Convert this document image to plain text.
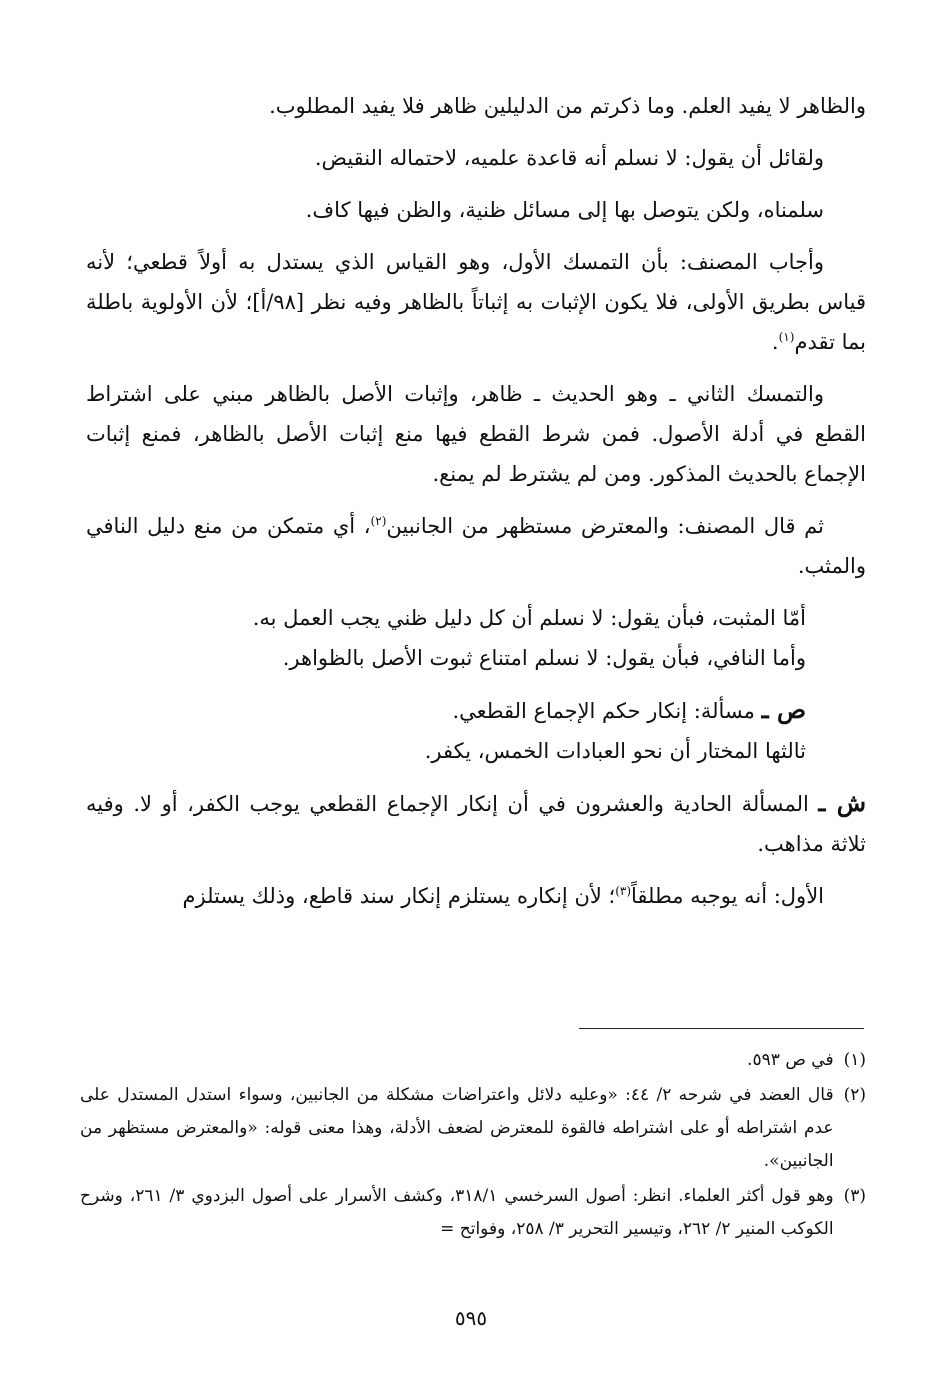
والظاهر لا يفيد العلم. وما ذكرتم من الدليلين ظاهر فلا يفيد المطلوب.

ولقائل أن يقول: لا نسلم أنه قاعدة علميه، لاحتماله النقيض.

سلمناه، ولكن يتوصل بها إلى مسائل ظنية، والظن فيها كاف.

وأجاب المصنف: بأن التمسك الأول، وهو القياس الذي يستدل به أولاً قطعي؛ لأنه قياس بطريق الأولى، فلا يكون الإثبات به إثباتاً بالظاهر وفيه نظر [٩٨/أ]؛ لأن الأولوية باطلة بما تقدم$^{(١)}$.

والتمسك الثاني ـ وهو الحديث ـ ظاهر، وإثبات الأصل بالظاهر مبني على اشتراط القطع في أدلة الأصول. فمن شرط القطع فيها منع إثبات الأصل بالظاهر، فمنع إثبات الإجماع بالحديث المذكور. ومن لم يشترط لم يمنع.

ثم قال المصنف: والمعترض مستظهر من الجانبين$^{(٢)}$، أي متمكن من منع دليل النافي والمثب.

أمّا المثبت، فبأن يقول: لا نسلم أن كل دليل ظني يجب العمل به.

وأما النافي، فبأن يقول: لا نسلم امتناع ثبوت الأصل بالظواهر.

ص ـ مسألة: إنكار حكم الإجماع القطعي.

ثالثها المختار أن نحو العبادات الخمس، يكفر.

ش ـ المسألة الحادية والعشرون في أن إنكار الإجماع القطعي يوجب الكفر، أو لا. وفيه ثلاثة مذاهب.

الأول: أنه يوجبه مطلقاً$^{(٣)}$؛ لأن إنكاره يستلزم إنكار سند قاطع، وذلك يستلزم

(١)
في ص ٥٩٣.
(٢)
قال العضد في شرحه ٢/ ٤٤: «وعليه دلائل واعتراضات مشكلة من الجانبين، وسواء استدل المستدل على عدم اشتراطه أو على اشتراطه فالقوة للمعترض لضعف الأدلة، وهذا معنى قوله: «والمعترض مستظهر من الجانبين».
(٣)
وهو قول أكثر العلماء. انظر: أصول السرخسي ٣١٨/١، وكشف الأسرار على أصول البزدوي ٣/ ٢٦١، وشرح الكوكب المنير ٢/ ٢٦٢، وتيسير التحرير ٣/ ٢٥٨، وفواتح =
٥٩٥
